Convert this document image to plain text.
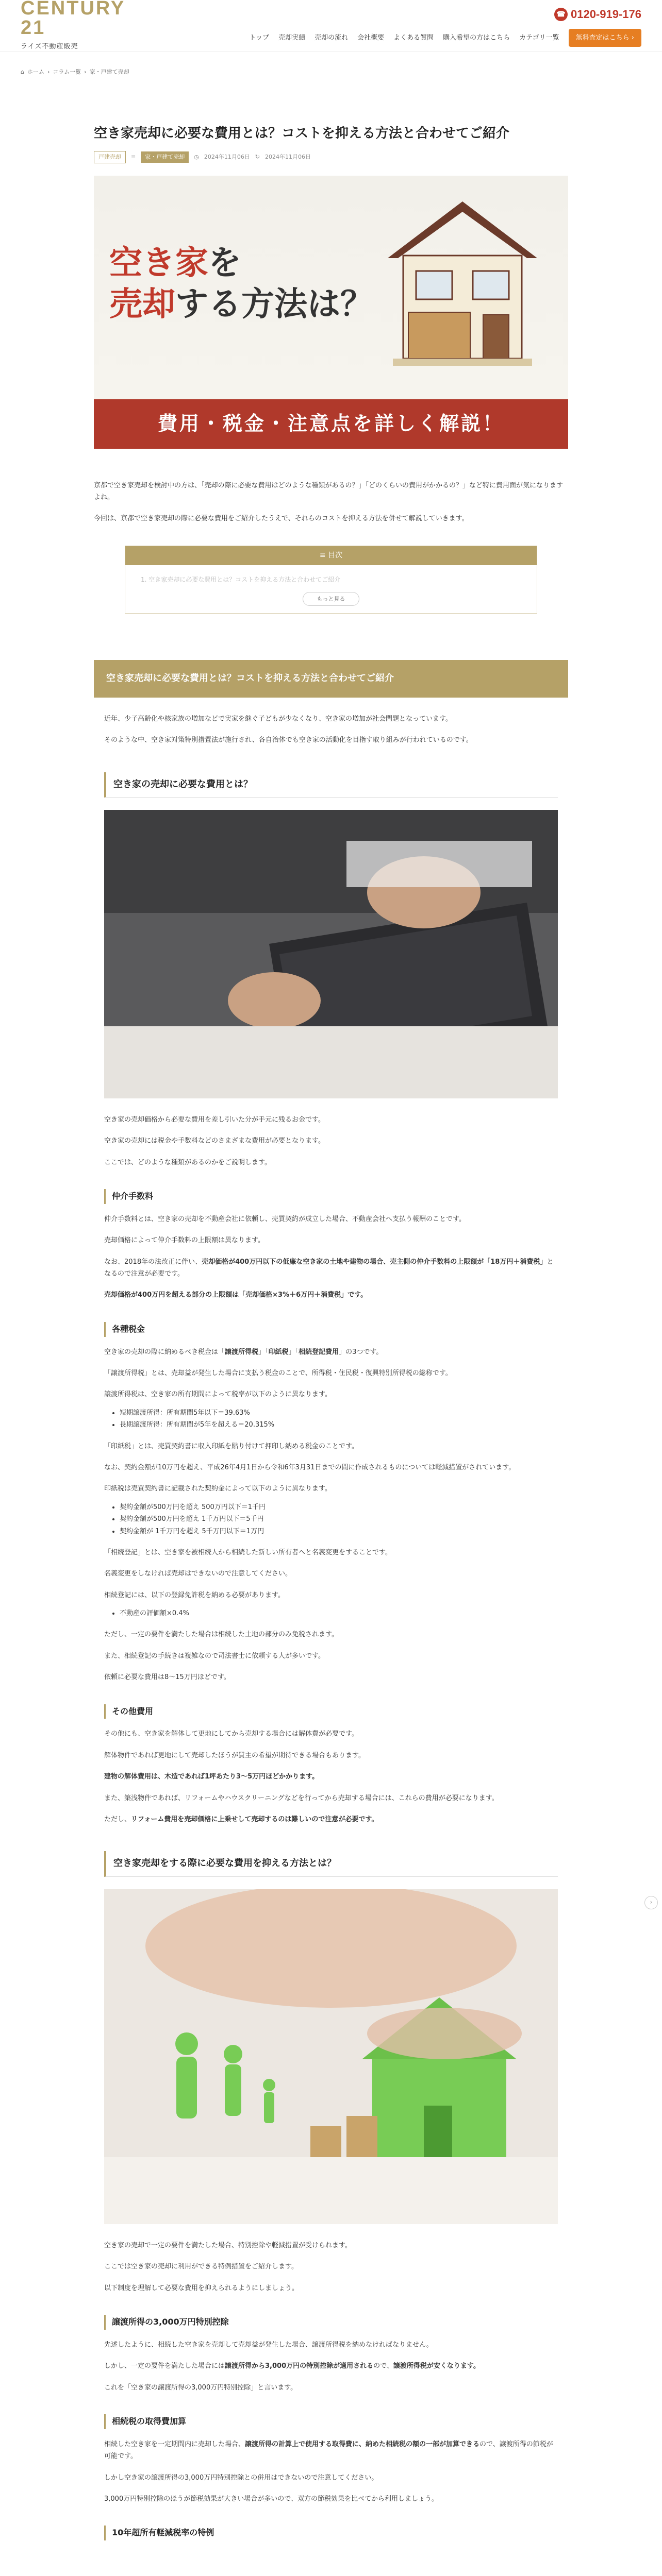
CENTURY 21
ライズ不動産販売
☎ 0120-919-176
トップ 売却実績 売却の流れ 会社概要 よくある質問 購入希望の方はこちら カテゴリ一覧	無料査定はこちら ›
⌂ ホーム › コラム一覧 › 家・戸建て売却
空き家売却に必要な費用とは？コストを抑える方法と合わせてご紹介
戸建売却	≡	家・戸建て売却	◷ 2024年11月06日 ↻ 2024年11月06日
空き家を
売却する方法は？
費用・税金・注意点を詳しく解説！

京都で空き家売却を検討中の方は、「売却の際に必要な費用はどのような種類があるの？」「どのくらいの費用がかかるの？」など特に費用面が気になりますよね。

今回は、京都で空き家売却の際に必要な費用をご紹介したうえで、それらのコストを抑える方法を併せて解説していきます。

≡ 目次
1. 空き家売却に必要な費用とは？コストを抑える方法と合わせてご紹介
もっと見る
空き家売却に必要な費用とは？コストを抑える方法と合わせてご紹介

近年、少子高齢化や核家族の増加などで実家を継ぐ子どもが少なくなり、空き家の増加が社会問題となっています。

そのような中、空き家対策特別措置法が施行され、各自治体でも空き家の活動化を目指す取り組みが行われているのです。

空き家の売却に必要な費用とは？

空き家の売却価格から必要な費用を差し引いた分が手元に残るお金です。

空き家の売却には税金や手数料などのさまざまな費用が必要となります。

ここでは、どのような種類があるのかをご説明します。

仲介手数料

仲介手数料とは、空き家の売却を不動産会社に依頼し、売買契約が成立した場合、不動産会社へ支払う報酬のことです。

売却価格によって仲介手数料の上限額は異なります。

なお、2018年の法改正に伴い、売却価格が400万円以下の低廉な空き家の土地や建物の場合、売主側の仲介手数料の上限額が「18万円＋消費税」となるので注意が必要です。

売却価格が400万円を超える部分の上限額は「売却価格×3%＋6万円＋消費税」です。

各種税金

空き家の売却の際に納めるべき税金は「譲渡所得税」「印紙税」「相続登記費用」の3つです。

「譲渡所得税」とは、売却益が発生した場合に支払う税金のことで、所得税・住民税・復興特別所得税の総称です。

譲渡所得税は、空き家の所有期間によって税率が以下のように異なります。

• 短期譲渡所得：所有期間5年以下＝39.63%
• 長期譲渡所得：所有期間が5年を超える＝20.315%

「印紙税」とは、売買契約書に収入印紙を貼り付けて押印し納める税金のことです。

なお、契約金額が10万円を超え、平成26年4月1日から令和6年3月31日までの間に作成されるものについては軽減措置がされています。

印紙税は売買契約書に記載された契約金によって以下のように異なります。

• 契約金額が500万円を超え 500万円以下＝1千円
• 契約金額が500万円を超え 1千万円以下＝5千円
• 契約金額が 1千万円を超え 5千万円以下＝1万円

「相続登記」とは、空き家を被相続人から相続した新しい所有者へと名義変更をすることです。

名義変更をしなければ売却はできないので注意してください。

相続登記には、以下の登録免許税を納める必要があります。

• 不動産の評価額×0.4%

ただし、一定の要件を満たした場合は相続した土地の部分のみ免税されます。

また、相続登記の手続きは複雑なので司法書士に依頼する人が多いです。

依頼に必要な費用は8〜15万円ほどです。

その他費用

その他にも、空き家を解体して更地にしてから売却する場合には解体費が必要です。

解体物件であれば更地にして売却したほうが買主の希望が期待できる場合もあります。

建物の解体費用は、木造であれば1坪あたり3〜5万円ほどかかります。

また、築浅物件であれば、リフォームやハウスクリーニングなどを行ってから売却する場合には、これらの費用が必要になります。

ただし、リフォーム費用を売却価格に上乗せして売却するのは難しいので注意が必要です。

空き家売却をする際に必要な費用を抑える方法とは？

空き家の売却で一定の要件を満たした場合、特別控除や軽減措置が受けられます。

ここでは空き家の売却に利用ができる特例措置をご紹介します。

以下制度を理解して必要な費用を抑えられるようにしましょう。

譲渡所得の3,000万円特別控除

先述したように、相続した空き家を売却して売却益が発生した場合、譲渡所得税を納めなければなりません。

しかし、一定の要件を満たした場合には譲渡所得から3,000万円の特別控除が適用されるので、譲渡所得税が安くなります。

これを「空き家の譲渡所得の3,000万円特別控除」と言います。

相続税の取得費加算

相続した空き家を一定期間内に売却した場合、譲渡所得の計算上で使用する取得費に、納めた相続税の額の一部が加算できるので、譲渡所得の節税が可能です。

しかし空き家の譲渡所得の3,000万円特別控除との併用はできないので注意してください。

3,000万円特別控除のほうが節税効果が大きい場合が多いので、双方の節税効果を比べてから利用しましょう。

10年超所有軽減税率の特例
›
